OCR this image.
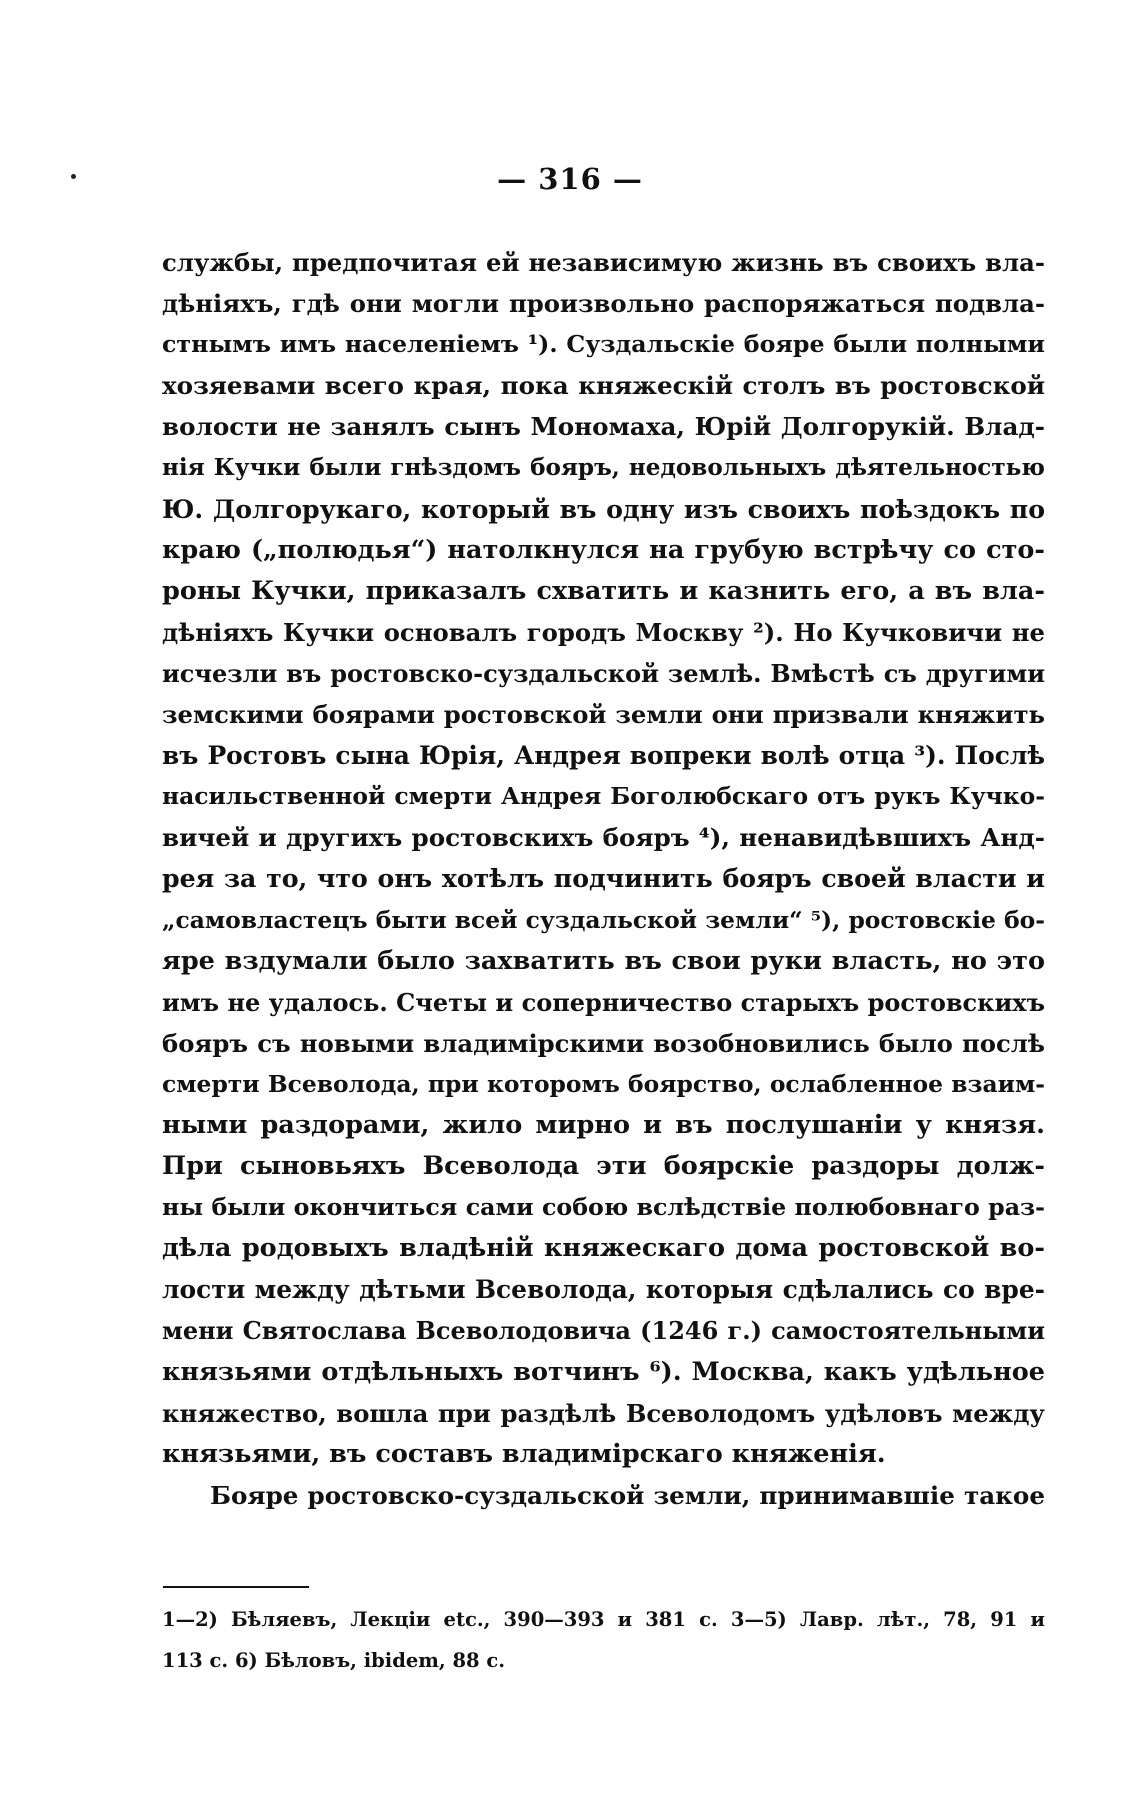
— 316 —
службы, предпочитая ей независимую жизнь въ своихъ вла-
дѣніяхъ, гдѣ они могли произвольно распоряжаться подвла-
стнымъ имъ населеніемъ ¹). Суздальскіе бояре были полными
хозяевами всего края, пока княжескій столъ въ ростовской
волости не занялъ сынъ Мономаха, Юрій Долгорукій. Влад-
нія Кучки были гнѣздомъ бояръ, недовольныхъ дѣятельностью
Ю. Долгорукаго, который въ одну изъ своихъ поѣздокъ по
краю („полюдья“) натолкнулся на грубую встрѣчу со сто-
роны Кучки, приказалъ схватить и казнить его, а въ вла-
дѣніяхъ Кучки основалъ городъ Москву ²). Но Кучковичи не
исчезли въ ростовско-суздальской землѣ. Вмѣстѣ съ другими
земскими боярами ростовской земли они призвали княжить
въ Ростовъ сына Юрія, Андрея вопреки волѣ отца ³). Послѣ
насильственной смерти Андрея Боголюбскаго отъ рукъ Кучко-
вичей и другихъ ростовскихъ бояръ ⁴), ненавидѣвшихъ Анд-
рея за то, что онъ хотѣлъ подчинить бояръ своей власти и
„самовластецъ быти всей суздальской земли“ ⁵), ростовскіе бо-
яре вздумали было захватить въ свои руки власть, но это
имъ не удалось. Счеты и соперничество старыхъ ростовскихъ
бояръ съ новыми владимірскими возобновились было послѣ
смерти Всеволода, при которомъ боярство, ослабленное взаим-
ными раздорами, жило мирно и въ послушаніи у князя.
При сыновьяхъ Всеволода эти боярскіе раздоры долж-
ны были окончиться сами собою вслѣдствіе полюбовнаго раз-
дѣла родовыхъ владѣній княжескаго дома ростовской во-
лости между дѣтьми Всеволода, которыя сдѣлались со вре-
мени Святослава Всеволодовича (1246 г.) самостоятельными
князьями отдѣльныхъ вотчинъ ⁶). Москва, какъ удѣльное
княжество, вошла при раздѣлѣ Всеволодомъ удѣловъ между
князьями, въ составъ владимірскаго княженія.
Бояре ростовско-суздальской земли, принимавшіе такое
1—2) Бѣляевъ, Лекціи etc., 390—393 и 381 с. 3—5) Лавр. лѣт., 78, 91 и
113 с. 6) Бѣловъ, ibidem, 88 с.
